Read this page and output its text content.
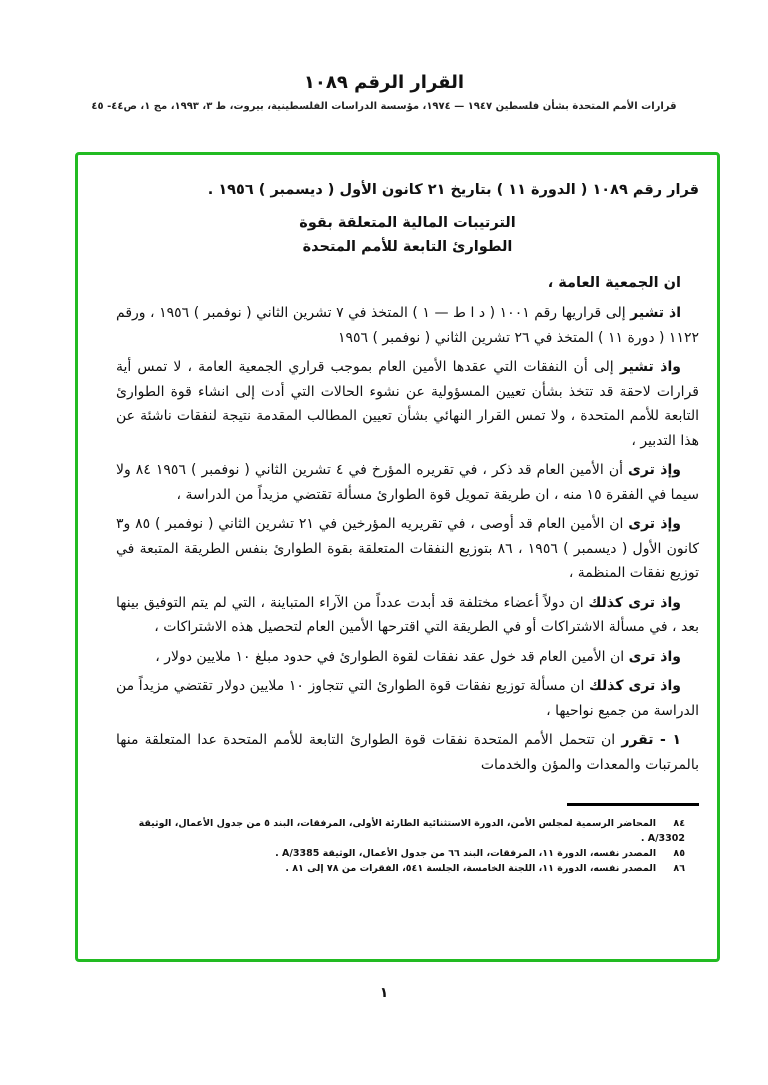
القرار الرقم ١٠٨٩
قرارات الأمم المتحدة بشأن فلسطين ١٩٤٧ — ١٩٧٤، مؤسسة الدراسات الفلسطينية، بيروت، ط ٣، ١٩٩٣، مج ١، ص٤٤- ٤٥

قرار رقم ١٠٨٩ ( الدورة ١١ ) بتاريخ ٢١ كانون الأول ( ديسمبر ) ١٩٥٦ .

الترتيبات المالية المتعلقة بقوة
الطوارئ التابعة للأمم المتحدة

ان الجمعية العامة ،

اذ تشير إلى قراريها رقم ١٠٠١ ( د ا ط — ١ ) المتخذ في ٧ تشرين الثاني ( نوفمبر ) ١٩٥٦ ، ورقم ١١٢٢ ( دورة ١١ ) المتخذ في ٢٦ تشرين الثاني ( نوفمبر ) ١٩٥٦

واذ تشير إلى أن النفقات التي عقدها الأمين العام بموجب قراري الجمعية العامة ، لا تمس أية قرارات لاحقة قد تتخذ بشأن تعيين المسؤولية عن نشوء الحالات التي أدت إلى انشاء قوة الطوارئ التابعة للأمم المتحدة ، ولا تمس القرار النهائي بشأن تعيين المطالب المقدمة نتيجة لنفقات ناشئة عن هذا التدبير ،

وإذ ترى أن الأمين العام قد ذكر ، في تقريره المؤرخ في ٤ تشرين الثاني ( نوفمبر ) ١٩٥٦ ٨٤ ولا سيما في الفقرة ١٥ منه ، ان طريقة تمويل قوة الطوارئ مسألة تقتضي مزيداً من الدراسة ،

وإذ ترى ان الأمين العام قد أوصى ، في تقريريه المؤرخين في ٢١ تشرين الثاني ( نوفمبر ) ٨٥ و٣ كانون الأول ( ديسمبر ) ١٩٥٦ ، ٨٦ بتوزيع النفقات المتعلقة بقوة الطوارئ بنفس الطريقة المتبعة في توزيع نفقات المنظمة ،

واذ ترى كذلك ان دولاً أعضاء مختلفة قد أبدت عدداً من الآراء المتباينة ، التي لم يتم التوفيق بينها بعد ، في مسألة الاشتراكات أو في الطريقة التي اقترحها الأمين العام لتحصيل هذه الاشتراكات ،

واذ ترى ان الأمين العام قد خول عقد نفقات لقوة الطوارئ في حدود مبلغ ١٠ ملايين دولار ،

واذ ترى كذلك ان مسألة توزيع نفقات قوة الطوارئ التي تتجاوز ١٠ ملايين دولار تقتضي مزيداً من الدراسة من جميع نواحيها ،

١ - تقرر ان تتحمل الأمم المتحدة نفقات قوة الطوارئ التابعة للأمم المتحدة عدا المتعلقة منها بالمرتبات والمعدات والمؤن والخدمات

٨٤ المحاضر الرسمية لمجلس الأمن، الدورة الاستثنائية الطارئة الأولى، المرفقات، البند ٥ من جدول الأعمال، الوثيقة A/3302 .
٨٥ المصدر نفسه، الدورة ١١، المرفقات، البند ٦٦ من جدول الأعمال، الوثيقة A/3385 .
٨٦ المصدر نفسه، الدورة ١١، اللجنة الخامسة، الجلسة ٥٤١، الفقرات من ٧٨ إلى ٨١ .
١
